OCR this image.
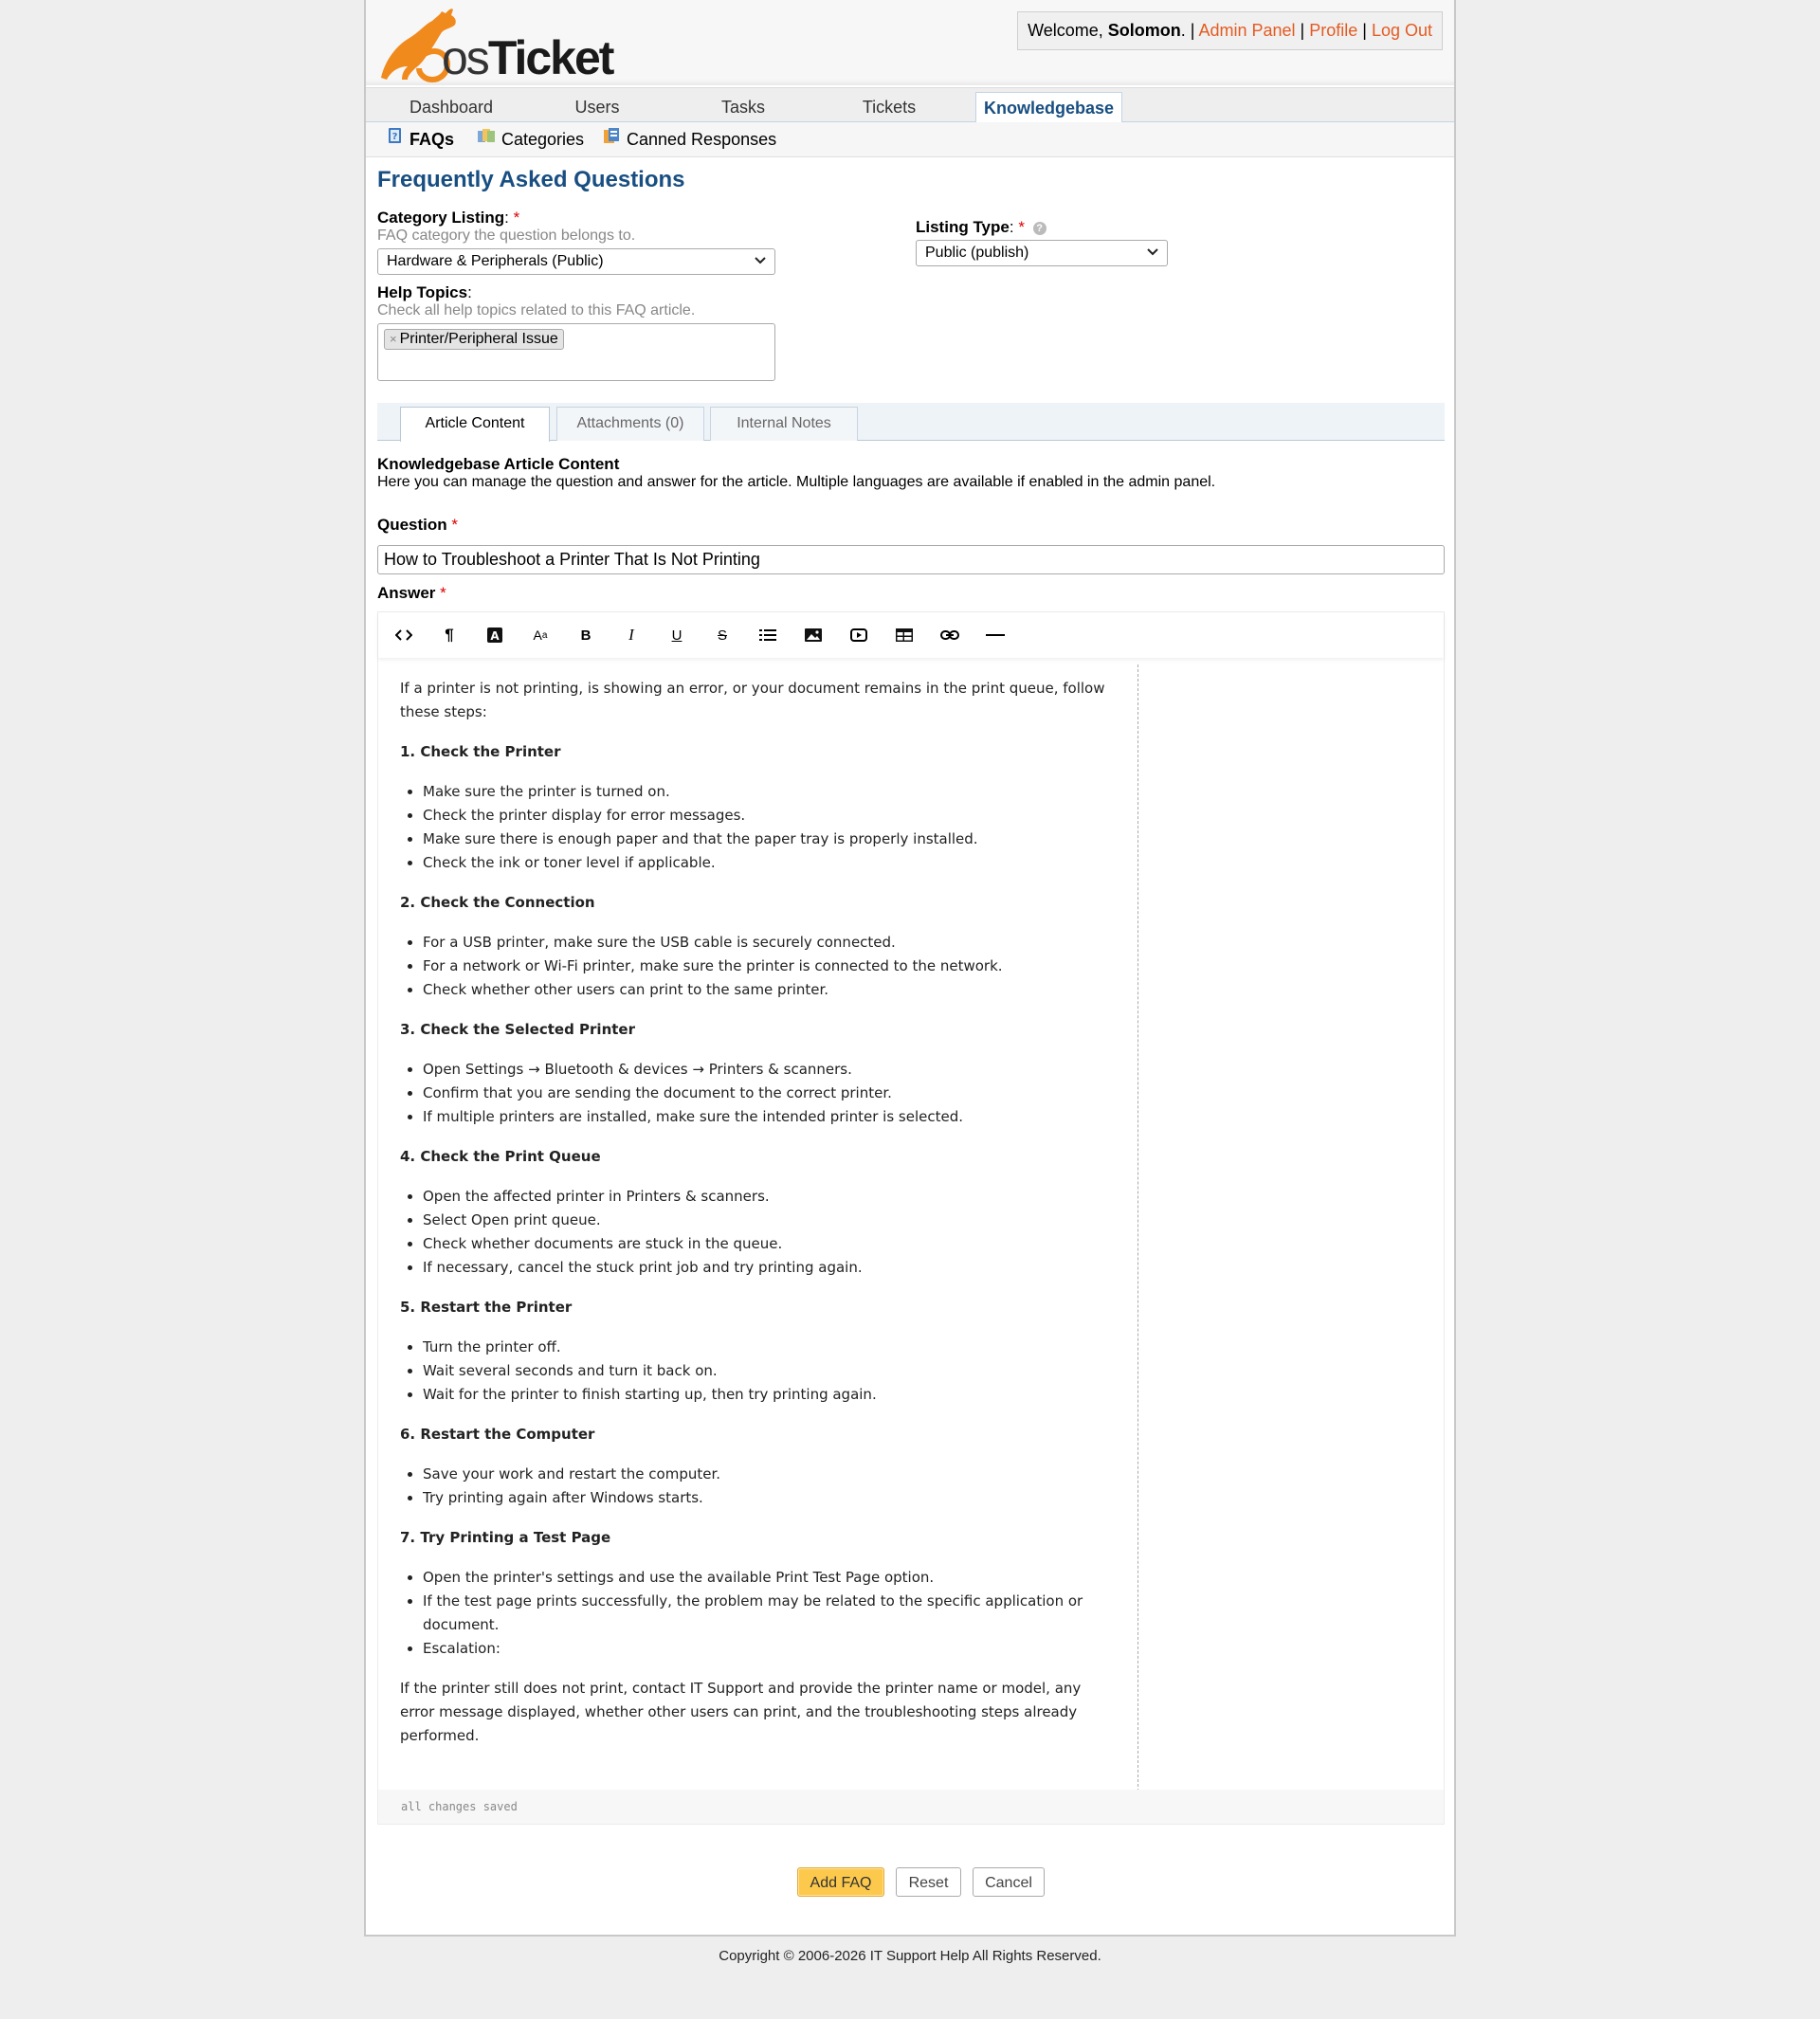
osTicket
Welcome, Solomon. | Admin Panel | Profile | Log Out
Dashboard	Users	Tasks	Tickets	Knowledgebase
? FAQs	Categories	Canned Responses
Frequently Asked Questions
Category Listing: *
FAQ category the question belongs to.
Hardware & Peripherals (Public)
Listing Type: * ?
Public (publish)
Help Topics:
Check all help topics related to this FAQ article.
× Printer/Peripheral Issue
Article Content	Attachments (0)	Internal Notes
Knowledgebase Article Content
Here you can manage the question and answer for the article. Multiple languages are available if enabled in the admin panel.
Question *
How to Troubleshoot a Printer That Is Not Printing
Answer *
¶	A	A a	B	I	U	S

If a printer is not printing, is showing an error, or your document remains in the print queue, follow these steps:

1. Check the Printer
• Make sure the printer is turned on.
• Check the printer display for error messages.
• Make sure there is enough paper and that the paper tray is properly installed.
• Check the ink or toner level if applicable.
2. Check the Connection
• For a USB printer, make sure the USB cable is securely connected.
• For a network or Wi-Fi printer, make sure the printer is connected to the network.
• Check whether other users can print to the same printer.
3. Check the Selected Printer
• Open Settings → Bluetooth & devices → Printers & scanners.
• Confirm that you are sending the document to the correct printer.
• If multiple printers are installed, make sure the intended printer is selected.
4. Check the Print Queue
• Open the affected printer in Printers & scanners.
• Select Open print queue.
• Check whether documents are stuck in the queue.
• If necessary, cancel the stuck print job and try printing again.
5. Restart the Printer
• Turn the printer off.
• Wait several seconds and turn it back on.
• Wait for the printer to finish starting up, then try printing again.
6. Restart the Computer
• Save your work and restart the computer.
• Try printing again after Windows starts.
7. Try Printing a Test Page
• Open the printer's settings and use the available Print Test Page option.
• If the test page prints successfully, the problem may be related to the specific application or document.
• Escalation:

If the printer still does not print, contact IT Support and provide the printer name or model, any error message displayed, whether other users can print, and the troubleshooting steps already performed.

all changes saved
Add FAQ	Reset	Cancel
Copyright © 2006-2026 IT Support Help All Rights Reserved.
